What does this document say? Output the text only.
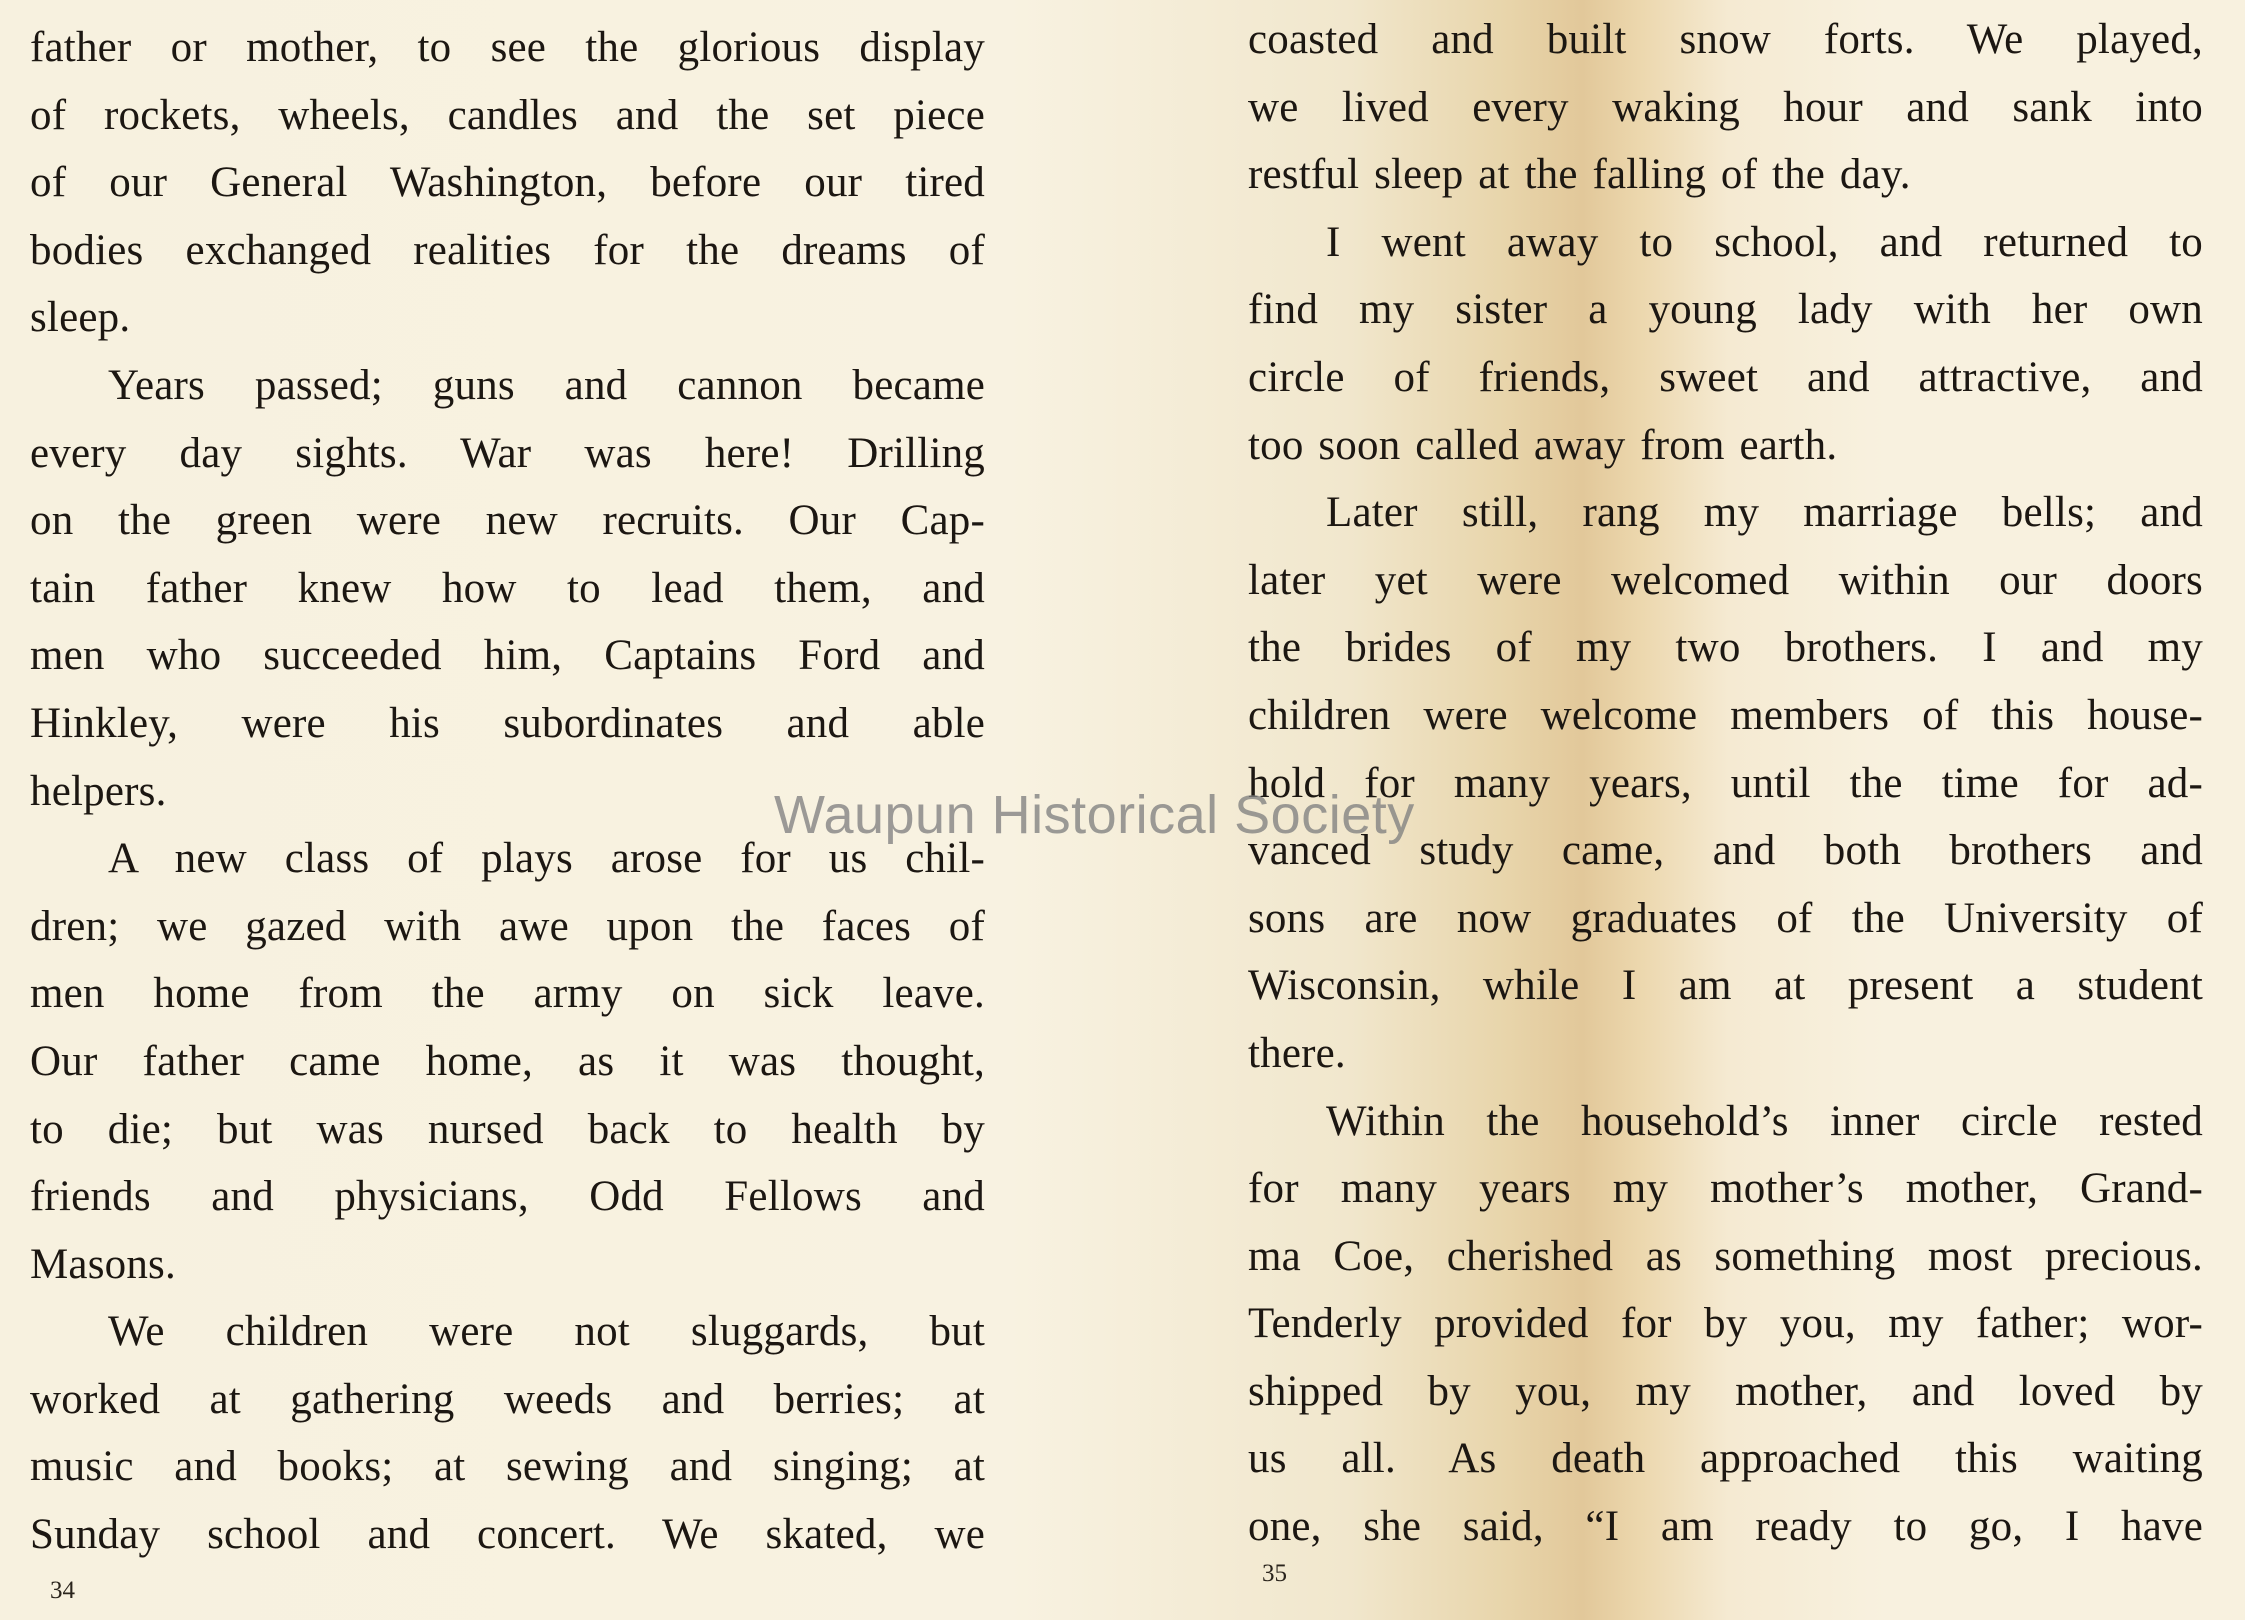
father or mother, to see the glorious display
of rockets, wheels, candles and the set piece
of our General Washington, before our tired
bodies exchanged realities for the dreams of
sleep.
Years passed; guns and cannon became
every day sights. War was here! Drilling
on the green were new recruits. Our Cap-
tain father knew how to lead them, and
men who succeeded him, Captains Ford and
Hinkley, were his subordinates and able
helpers.
A new class of plays arose for us chil-
dren; we gazed with awe upon the faces of
men home from the army on sick leave.
Our father came home, as it was thought,
to die; but was nursed back to health by
friends and physicians, Odd Fellows and
Masons.
We children were not sluggards, but
worked at gathering weeds and berries; at
music and books; at sewing and singing; at
Sunday school and concert. We skated, we
34
coasted and built snow forts. We played,
we lived every waking hour and sank into
restful sleep at the falling of the day.
I went away to school, and returned to
find my sister a young lady with her own
circle of friends, sweet and attractive, and
too soon called away from earth.
Later still, rang my marriage bells; and
later yet were welcomed within our doors
the brides of my two brothers. I and my
children were welcome members of this house-
hold for many years, until the time for ad-
vanced study came, and both brothers and
sons are now graduates of the University of
Wisconsin, while I am at present a student
there.
Within the household’s inner circle rested
for many years my mother’s mother, Grand-
ma Coe, cherished as something most precious.
Tenderly provided for by you, my father; wor-
shipped by you, my mother, and loved by
us all. As death approached this waiting
one, she said, “I am ready to go, I have
35
Waupun Historical Society
